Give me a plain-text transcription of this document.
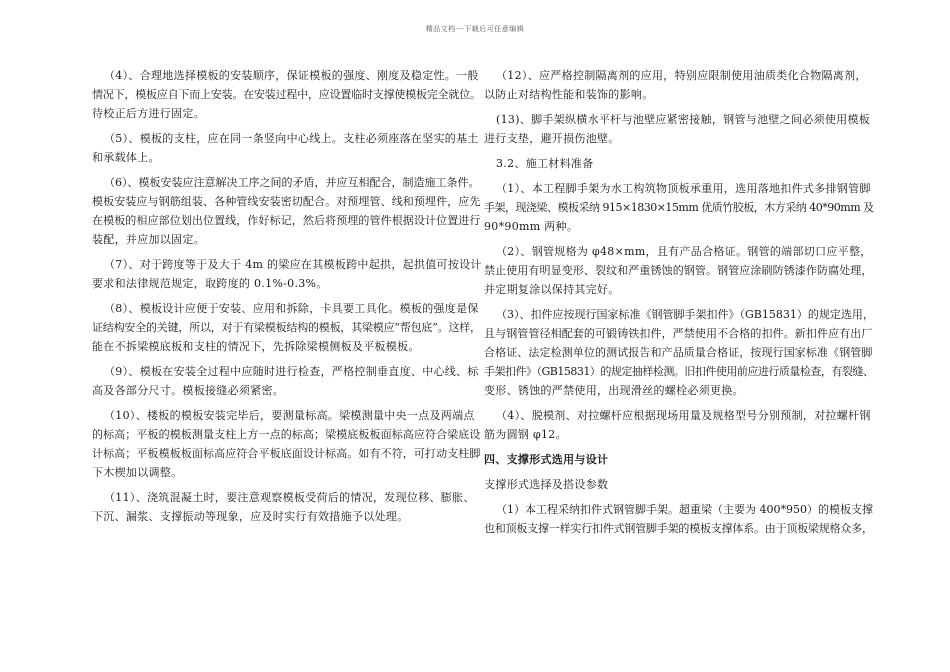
精品文档---下载后可任意编辑

（4）、合理地选择模板的安装顺序，保证模板的强度、刚度及稳定性。一般
情况下，模板应自下而上安装。在安装过程中，应设置临时支撑使模板完全就位。
待校正后方进行固定。

（5）、模板的支柱，应在同一条竖向中心线上。支柱必须座落在坚实的基土
和承载体上。

（6）、模板安装应注意解决工序之间的矛盾，并应互相配合，制造施工条件。
模板安装应与钢筋组装、各种管线安装密切配合。对预埋管、线和预埋件，应先
在模板的相应部位划出位置线，作好标记，然后将预埋的管件根据设计位置进行
装配，并应加以固定。

（7）、对于跨度等于及大于 4m 的梁应在其模板跨中起拱，起拱值可按设计
要求和法律规范规定，取跨度的 0.1%-0.3%。

（8）、模板设计应便于安装、应用和拆除，卡具要工具化。模板的强度是保
证结构安全的关键，所以，对于有梁模板结构的模板，其梁模应“帮包底”。这样，
能在不拆梁模底板和支柱的情况下，先拆除梁模侧板及平板模板。

（9）、模板在安装全过程中应随时进行检查，严格控制垂直度、中心线、标
高及各部分尺寸。模板接缝必须紧密。

（10）、楼板的模板安装完毕后，要测量标高。梁模测量中央一点及两端点
的标高；平板的模板测量支柱上方一点的标高；梁模底板板面标高应符合梁底设
计标高；平板模板板面标高应符合平板底面设计标高。如有不符，可打动支柱脚
下木楔加以调整。

（11）、浇筑混凝土时，要注意观察模板受荷后的情况，发现位移、膨胀、
下沉、漏浆、支撑振动等现象，应及时实行有效措施予以处理。

（12）、应严格控制隔离剂的应用，特别应限制使用油质类化合物隔离剂，
以防止对结构性能和装饰的影响。

(13)、脚手架纵横水平杆与池壁应紧密接触，钢管与池壁之间必须使用模板
进行支垫，避开损伤池壁。

3.2、施工材料准备

（1）、本工程脚手架为水工构筑物顶板承重用，选用落地扣件式多排钢管脚
手架，现浇梁、模板采纳 915×1830×15mm 优质竹胶板，木方采纳 40*90mm 及
90*90mm 两种。

（2）、钢管规格为 φ48×mm，且有产品合格证。钢管的端部切口应平整，
禁止使用有明显变形、裂纹和严重锈蚀的钢管。钢管应涂刷防锈漆作防腐处理，
并定期复涂以保持其完好。

（3）、扣件应按现行国家标准《钢管脚手架扣件》（GB15831）的规定选用，
且与钢管管径相配套的可锻铸铁扣件，严禁使用不合格的扣件。新扣件应有出厂
合格证、法定检测单位的测试报告和产品质量合格证，按现行国家标准《钢管脚
手架扣件》（GB15831）的规定抽样检测。旧扣件使用前应进行质量检查，有裂缝、
变形、锈蚀的严禁使用，出现滑丝的螺栓必须更换。

（4）、脱模剂、对拉螺杆应根据现场用量及规格型号分别预制，对拉螺杆钢
筋为圆钢 φ12。

四、支撑形式选用与设计

支撑形式选择及搭设参数

（1）本工程采纳扣件式钢管脚手架。超重梁（主要为 400*950）的模板支撑
也和顶板支撑一样实行扣件式钢管脚手架的模板支撑体系。由于顶板梁规格众多，
